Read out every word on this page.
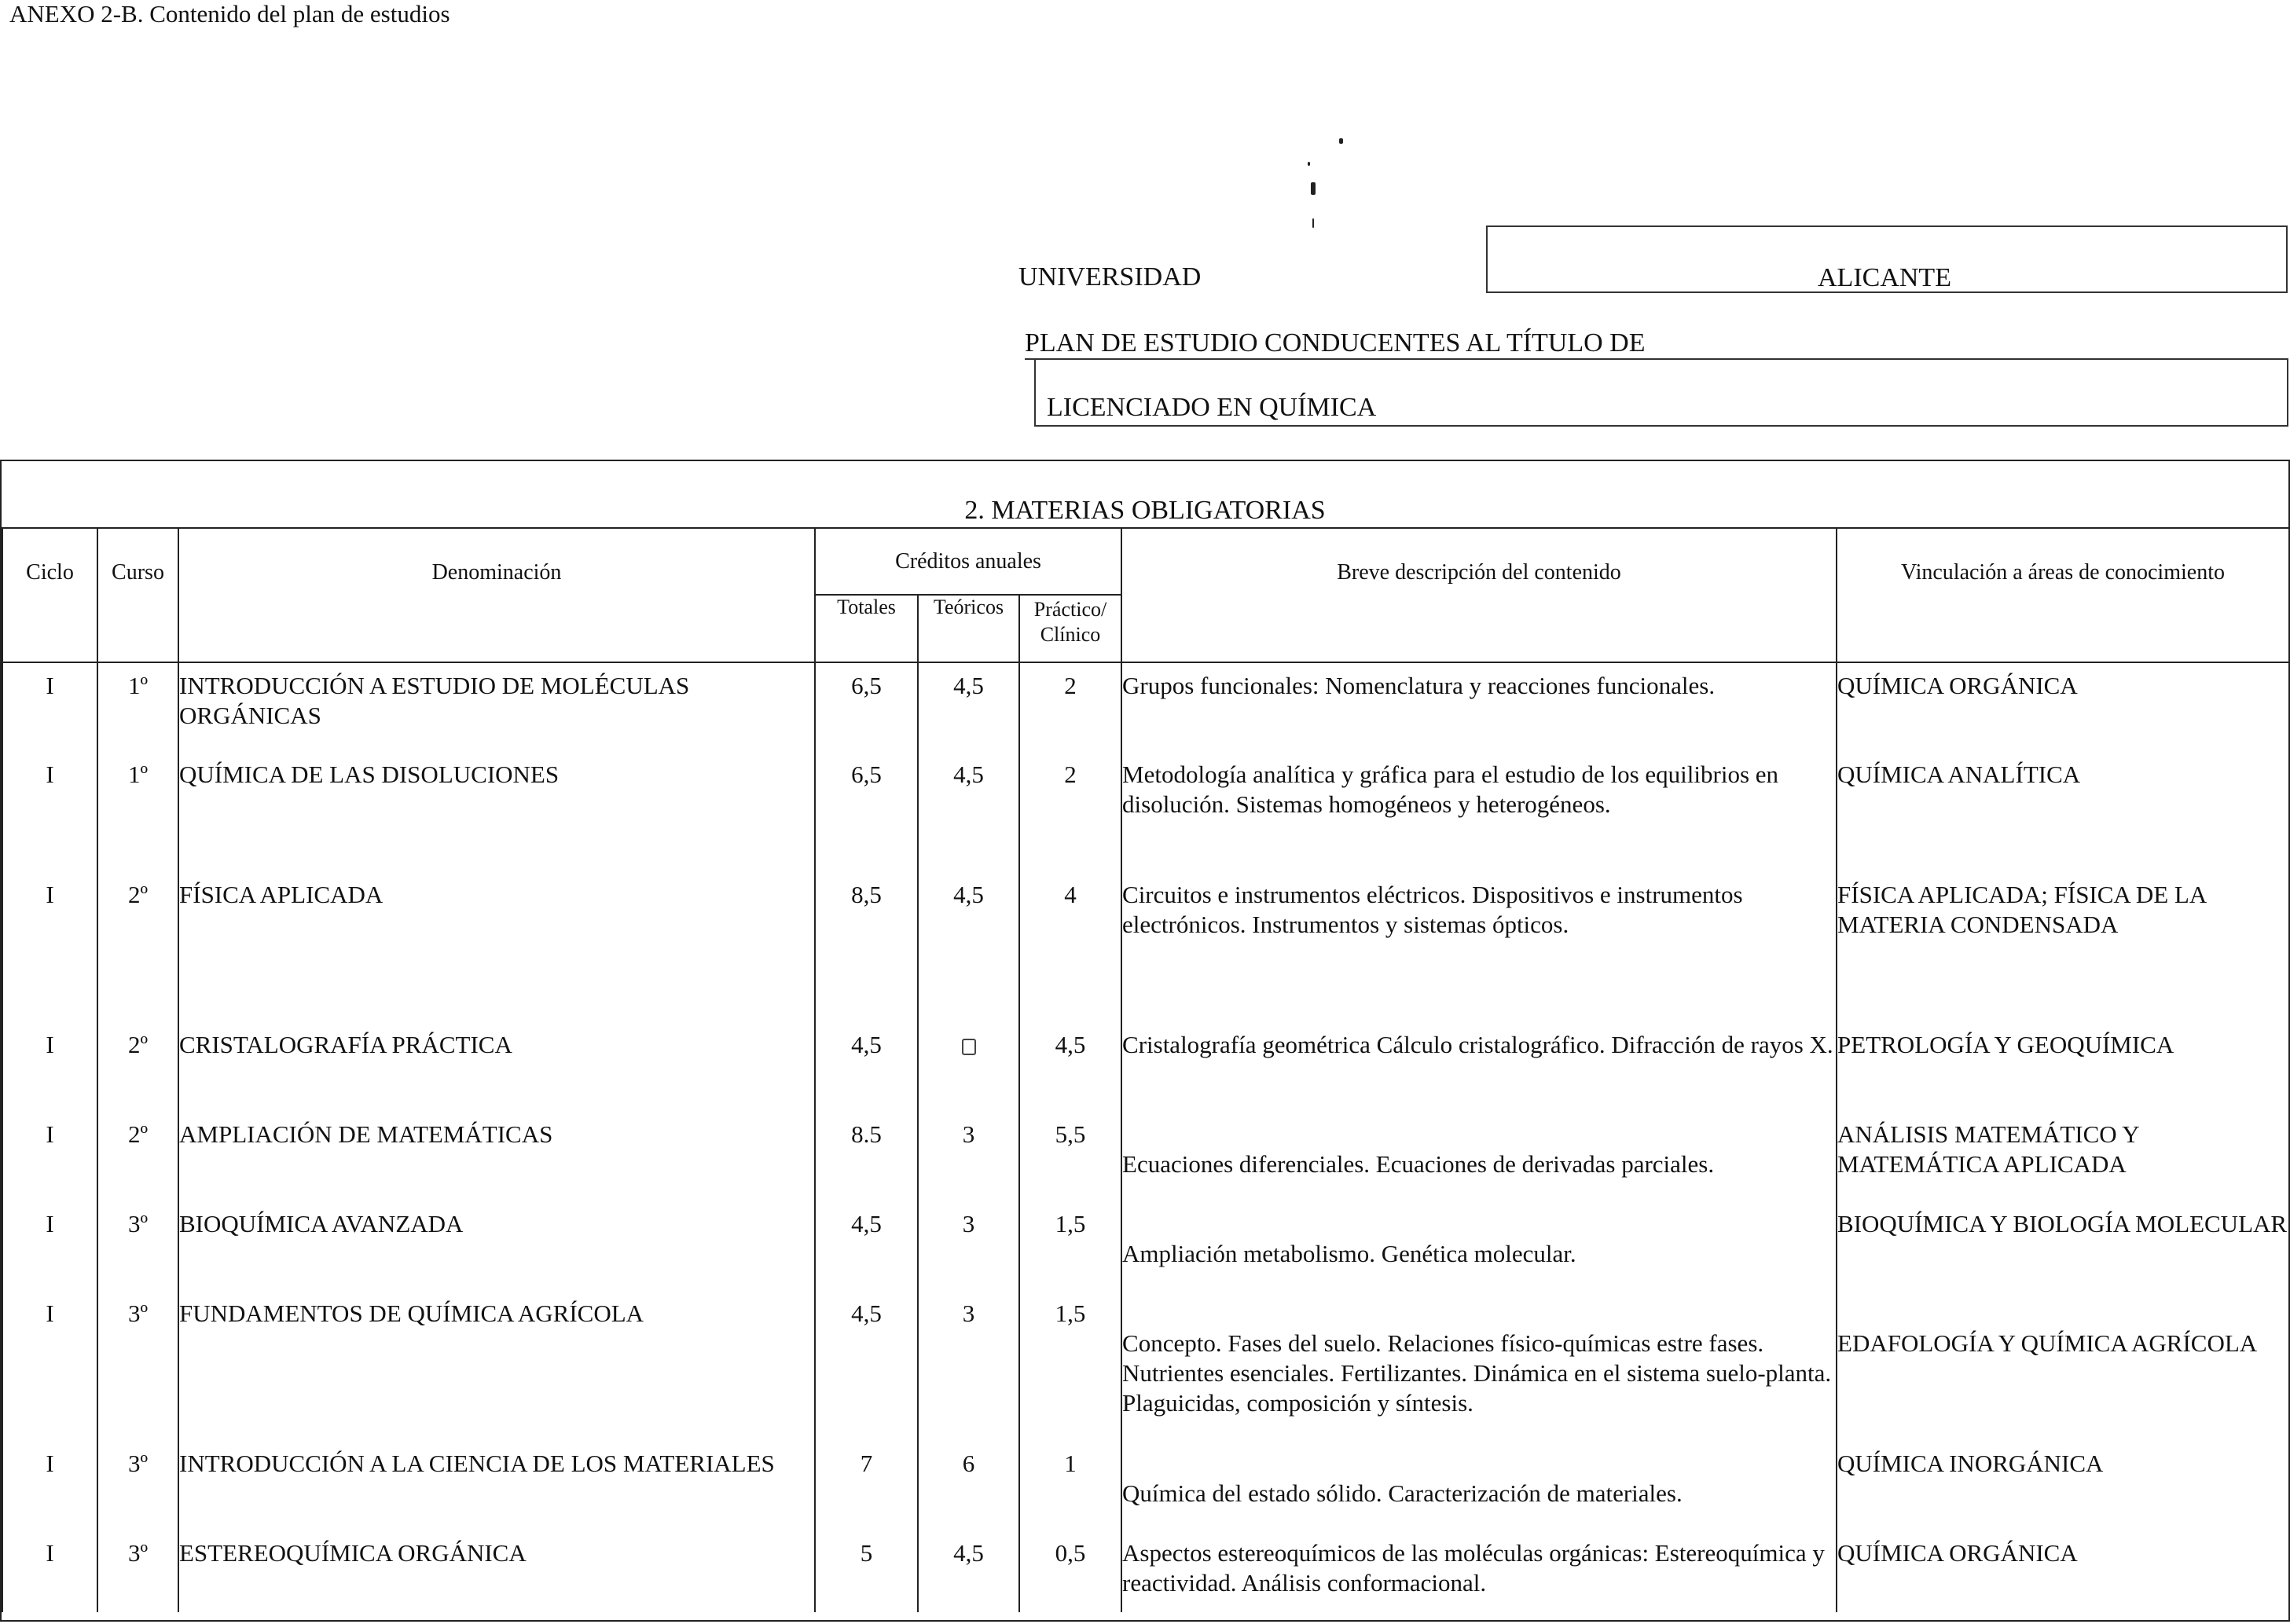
ANEXO 2-B. Contenido del plan de estudios
UNIVERSIDAD	ALICANTE
PLAN DE ESTUDIO CONDUCENTES AL TÍTULO DE
LICENCIADO EN QUÍMICA
2. MATERIAS OBLIGATORIAS
Ciclo	Curso	Denominación	Créditos anuales			Breve descripción del contenido	Vinculación a áreas de conocimiento

			Totales	Teóricos	Práctico/ Clínico		

I	1º	INTRODUCCIÓN A ESTUDIO DE MOLÉCULAS ORGÁNICAS	6,5	4,5	2	Grupos funcionales: Nomenclatura y reacciones funcionales.	QUÍMICA ORGÁNICA

I	1º	QUÍMICA DE LAS DISOLUCIONES	6,5	4,5	2	Metodología analítica y gráfica para el estudio de los equilibrios en disolución. Sistemas homogéneos y heterogéneos.	QUÍMICA ANALÍTICA

I	2º	FÍSICA APLICADA	8,5	4,5	4	Circuitos e instrumentos eléctricos. Dispositivos e instrumentos electrónicos. Instrumentos y sistemas ópticos.	FÍSICA APLICADA; FÍSICA DE LA MATERIA CONDENSADA

I	2º	CRISTALOGRAFÍA PRÁCTICA	4,5		4,5	Cristalografía geométrica Cálculo cristalográfico. Difracción de rayos X.	PETROLOGÍA Y GEOQUÍMICA

I	2º	AMPLIACIÓN DE MATEMÁTICAS	8.5	3	5,5	Ecuaciones diferenciales. Ecuaciones de derivadas parciales.	ANÁLISIS MATEMÁTICO Y MATEMÁTICA APLICADA

I	3º	BIOQUÍMICA AVANZADA	4,5	3	1,5	Ampliación metabolismo. Genética molecular.	BIOQUÍMICA Y BIOLOGÍA MOLECULAR

I	3º	FUNDAMENTOS DE QUÍMICA AGRÍCOLA	4,5	3	1,5	Concepto. Fases del suelo. Relaciones físico-químicas estre fases. Nutrientes esenciales. Fertilizantes. Dinámica en el sistema suelo-planta. Plaguicidas, composición y síntesis.	EDAFOLOGÍA Y QUÍMICA AGRÍCOLA

I	3º	INTRODUCCIÓN A LA CIENCIA DE LOS MATERIALES	7	6	1	Química del estado sólido. Caracterización de materiales.	QUÍMICA INORGÁNICA

I	3º	ESTEREOQUÍMICA ORGÁNICA	5	4,5	0,5	Aspectos estereoquímicos de las moléculas orgánicas: Estereoquímica y reactividad. Análisis conformacional.	QUÍMICA ORGÁNICA
